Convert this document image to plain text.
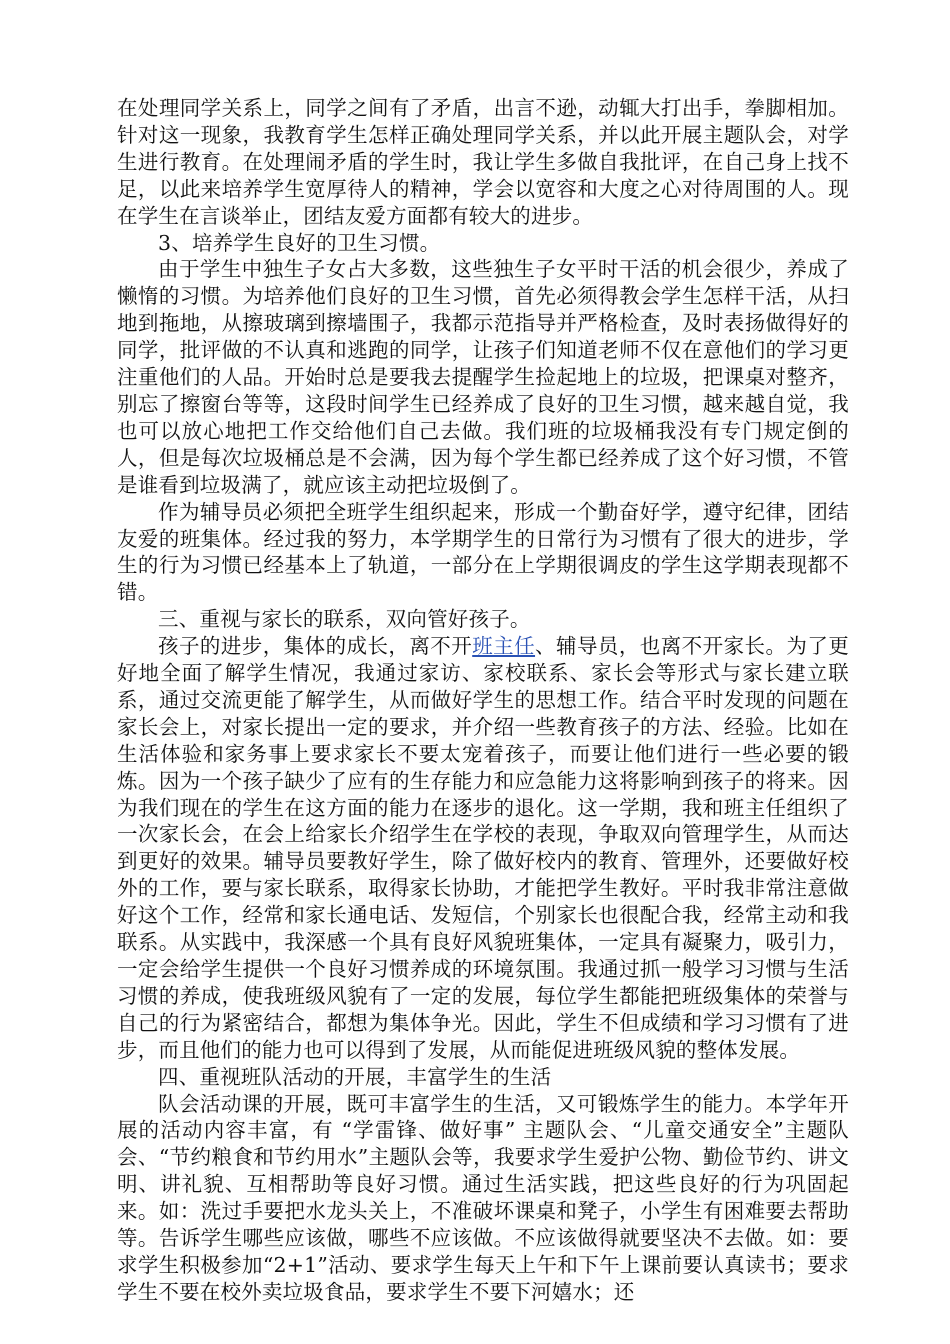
在处理同学关系上，同学之间有了矛盾，出言不逊，动辄大打出手，拳脚相加。针对这一现象，我教育学生怎样正确处理同学关系，并以此开展主题队会，对学生进行教育。在处理闹矛盾的学生时，我让学生多做自我批评，在自己身上找不足，以此来培养学生宽厚待人的精神，学会以宽容和大度之心对待周围的人。现在学生在言谈举止，团结友爱方面都有较大的进步。

3、培养学生良好的卫生习惯。

由于学生中独生子女占大多数，这些独生子女平时干活的机会很少，养成了懒惰的习惯。为培养他们良好的卫生习惯，首先必须得教会学生怎样干活，从扫地到拖地，从擦玻璃到擦墙围子，我都示范指导并严格检查，及时表扬做得好的同学，批评做的不认真和逃跑的同学，让孩子们知道老师不仅在意他们的学习更注重他们的人品。开始时总是要我去提醒学生捡起地上的垃圾，把课桌对整齐，别忘了擦窗台等等，这段时间学生已经养成了良好的卫生习惯，越来越自觉，我也可以放心地把工作交给他们自己去做。我们班的垃圾桶我没有专门规定倒的人，但是每次垃圾桶总是不会满，因为每个学生都已经养成了这个好习惯，不管是谁看到垃圾满了，就应该主动把垃圾倒了。

作为辅导员必须把全班学生组织起来，形成一个勤奋好学，遵守纪律，团结友爱的班集体。经过我的努力，本学期学生的日常行为习惯有了很大的进步，学生的行为习惯已经基本上了轨道，一部分在上学期很调皮的学生这学期表现都不错。

三、重视与家长的联系，双向管好孩子。

孩子的进步，集体的成长，离不开班主任、辅导员，也离不开家长。为了更好地全面了解学生情况，我通过家访、家校联系、家长会等形式与家长建立联系，通过交流更能了解学生，从而做好学生的思想工作。结合平时发现的问题在家长会上，对家长提出一定的要求，并介绍一些教育孩子的方法、经验。比如在生活体验和家务事上要求家长不要太宠着孩子，而要让他们进行一些必要的锻炼。因为一个孩子缺少了应有的生存能力和应急能力这将影响到孩子的将来。因为我们现在的学生在这方面的能力在逐步的退化。这一学期，我和班主任组织了一次家长会，在会上给家长介绍学生在学校的表现，争取双向管理学生，从而达到更好的效果。辅导员要教好学生，除了做好校内的教育、管理外，还要做好校外的工作，要与家长联系，取得家长协助，才能把学生教好。平时我非常注意做好这个工作，经常和家长通电话、发短信，个别家长也很配合我，经常主动和我联系。从实践中，我深感一个具有良好风貌班集体，一定具有凝聚力，吸引力，一定会给学生提供一个良好习惯养成的环境氛围。我通过抓一般学习习惯与生活习惯的养成，使我班级风貌有了一定的发展，每位学生都能把班级集体的荣誉与自己的行为紧密结合，都想为集体争光。因此，学生不但成绩和学习习惯有了进步，而且他们的能力也可以得到了发展，从而能促进班级风貌的整体发展。

四、重视班队活动的开展，丰富学生的生活

队会活动课的开展，既可丰富学生的生活，又可锻炼学生的能力。本学年开展的活动内容丰富，有 “学雷锋、做好事” 主题队会、“儿童交通安全”主题队会、“节约粮食和节约用水”主题队会等，我要求学生爱护公物、勤俭节约、讲文明、讲礼貌、互相帮助等良好习惯。通过生活实践，把这些良好的行为巩固起来。如：洗过手要把水龙头关上，不准破坏课桌和凳子，小学生有困难要去帮助等。告诉学生哪些应该做，哪些不应该做。不应该做得就要坚决不去做。如：要求学生积极参加“2+1”活动、要求学生每天上午和下午上课前要认真读书；要求学生不要在校外卖垃圾食品，要求学生不要下河嬉水；还
